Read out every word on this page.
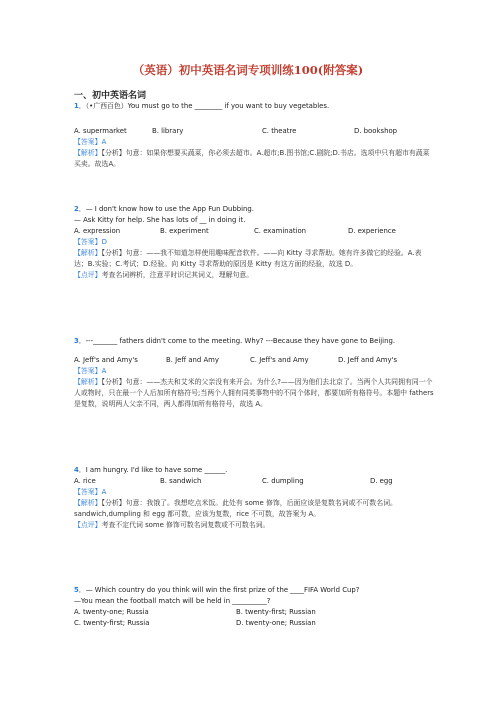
（英语）初中英语名词专项训练100(附答案)
一、初中英语名词
1．（•广西百色）You must go to the ________ if you want to buy vegetables.
A. supermarket	B. library	C. theatre	D. bookshop
【答案】A
【解析】【分析】句意：如果你想要买蔬菜，你必须去超市。A.超市;B.图书馆;C.剧院;D.书店。选项中只有超市有蔬菜买卖。故选A。
2．— I don't know how to use the App Fun Dubbing.
— Ask Kitty for help. She has lots of __ in doing it.
A. expression	B. experiment	C. examination	D. experience
【答案】D
【解析】【分析】句意：——我不知道怎样使用趣味配音软件。——向 Kitty 寻求帮助。她有许多做它的经验。A.表达；B.实验；C.考试；D.经验。向 Kitty 寻求帮助的原因是 Kitty 有这方面的经验，故选 D。
【点评】考查名词辨析，注意平时识记其词义，理解句意。
3．---_______ fathers didn't come to the meeting. Why? ---Because they have gone to Beijing.
A. Jeff's and Amy's	B. Jeff and Amy	C. Jeff's and Amy	D. Jeff and Amy's
【答案】A
【解析】【分析】句意：——杰夫和艾米的父亲没有来开会。为什么?——因为他们去北京了。当两个人共同拥有同一个人或物时，只在最一个人后加所有格符号;当两个人拥有同类事物中的不同个体时，都要加所有格符号。本题中 fathers 是复数，说明两人父亲不同，两人都得加所有格符号，故选 A。
4．I am hungry. I'd like to have some ______.
A. rice	B. sandwich	C. dumpling	D. egg
【答案】A
【解析】【分析】句意：我饿了。我想吃点米饭。此处有 some 修饰，后面应该是复数名词或不可数名词。sandwich,dumpling 和 egg 都可数，应该为复数，rice 不可数，故答案为 A。
【点评】考查不定代词 some 修饰可数名词复数或不可数名词。
5．— Which country do you think will win the first prize of the ____FIFA World Cup?
—You mean the football match will be held in __________?
A. twenty-one; Russia	B. twenty-first; Russian
C. twenty-first; Russia	D. twenty-one; Russian
